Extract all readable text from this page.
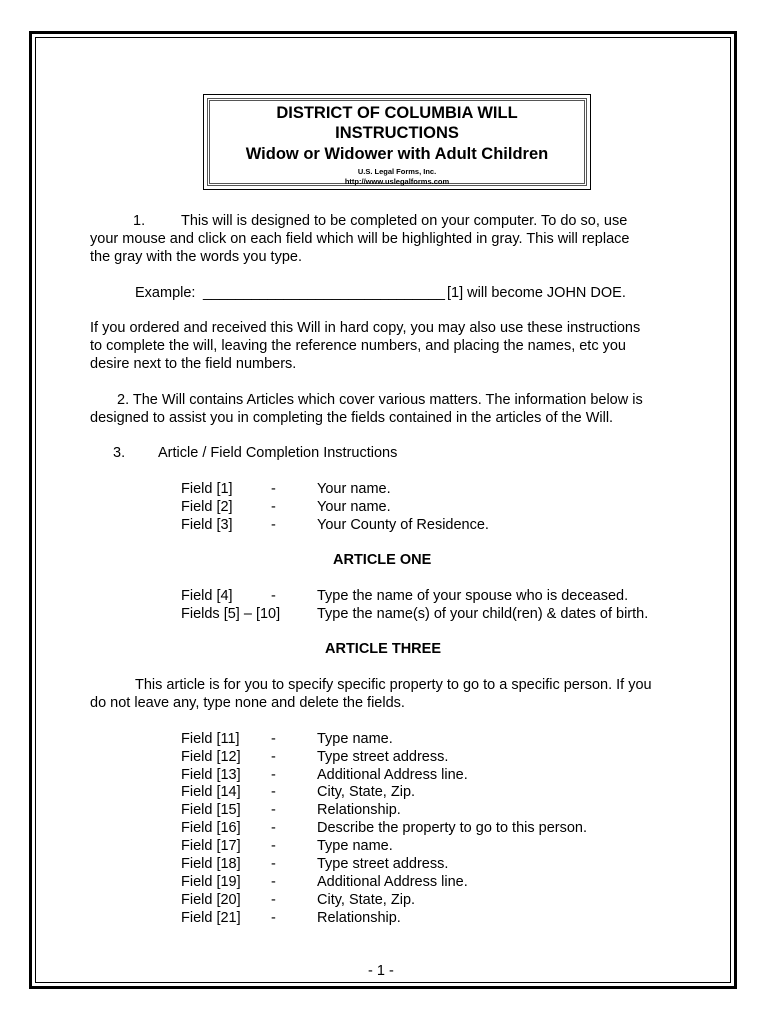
DISTRICT OF COLUMBIA WILL
INSTRUCTIONS
Widow or Widower with Adult Children
U.S. Legal Forms, Inc.
http://www.uslegalforms.com
1. This will is designed to be completed on your computer. To do so, use
your mouse and click on each field which will be highlighted in gray. This will replace
the gray with the words you type.
Example: ______________________________ [1] will become JOHN DOE.
If you ordered and received this Will in hard copy, you may also use these instructions
to complete the will, leaving the reference numbers, and placing the names, etc you
desire next to the field numbers.
2. The Will contains Articles which cover various matters. The information below is
designed to assist you in completing the fields contained in the articles of the Will.
3. Article / Field Completion Instructions
Field [1]	-	Your name.
Field [2]	-	Your name.
Field [3]	-	Your County of Residence.
ARTICLE ONE
Field [4]	-	Type the name of your spouse who is deceased.
Fields [5] – [10]	Type the name(s) of your child(ren) & dates of birth.
ARTICLE THREE
This article is for you to specify specific property to go to a specific person. If you
do not leave any, type none and delete the fields.
Field [11] -	Type name.
Field [12] -	Type street address.
Field [13] -	Additional Address line.
Field [14] -	City, State, Zip.
Field [15] -	Relationship.
Field [16] -	Describe the property to go to this person.
Field [17] -	Type name.
Field [18] -	Type street address.
Field [19] -	Additional Address line.
Field [20] -	City, State, Zip.
Field [21] -	Relationship.
- 1 -
